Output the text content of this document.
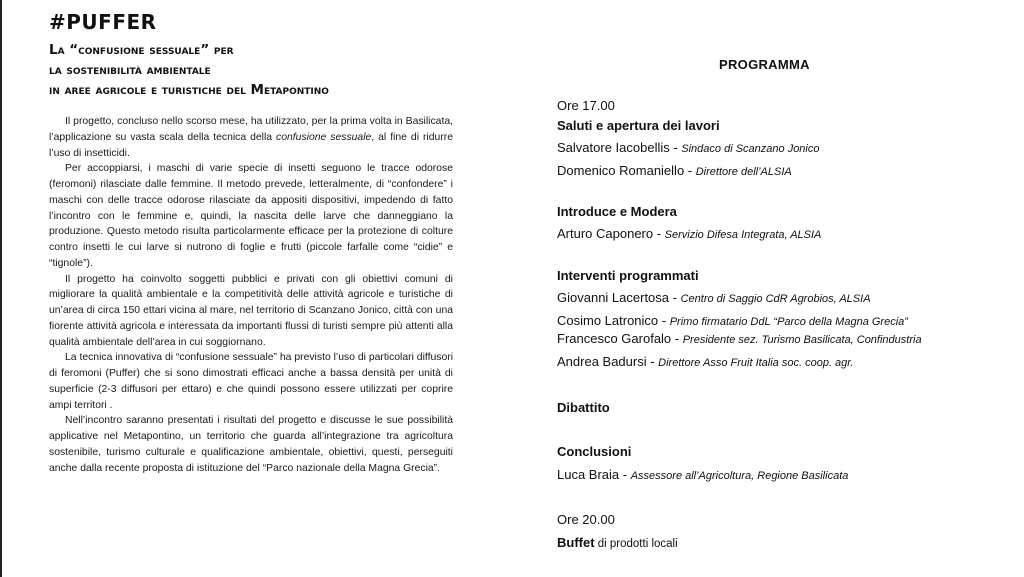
#PUFFER
La “confusione sessuale” per
la sostenibilità ambientale
in aree agricole e turistiche del Metapontino

Il progetto, concluso nello scorso mese, ha utilizzato, per la prima volta in Basilicata, l’applicazione su vasta scala della tecnica della confusione sessuale, al fine di ridurre l’uso di insetticidi.

Per accoppiarsi, i maschi di varie specie di insetti seguono le tracce odorose (feromoni) rilasciate dalle femmine. Il metodo prevede, letteralmente, di “confondere” i maschi con delle tracce odorose rilasciate da appositi dispositivi, impedendo di fatto l’incontro con le femmine e, quindi, la nascita delle larve che danneggiano la produzione. Questo metodo risulta particolarmente efficace per la protezione di colture contro insetti le cui larve si nutrono di foglie e frutti (piccole farfalle come “cidie” e “tignole”).

Il progetto ha coinvolto soggetti pubblici e privati con gli obiettivi comuni di migliorare la qualità ambientale e la competitività delle attività agricole e turistiche di un’area di circa 150 ettari vicina al mare, nel territorio di Scanzano Jonico, città con una fiorente attività agricola e interessata da importanti flussi di turisti sempre più attenti alla qualità ambientale dell’area in cui soggiornano.

La tecnica innovativa di “confusione sessuale” ha previsto l’uso di particolari diffusori di feromoni (Puffer) che si sono dimostrati efficaci anche a bassa densità per unità di superficie (2-3 diffusori per ettaro) e che quindi possono essere utilizzati per coprire ampi territori .

Nell’incontro saranno presentati i risultati del progetto e discusse le sue possibilità applicative nel Metapontino, un territorio che guarda all’integrazione tra agricoltura sostenibile, turismo culturale e qualificazione ambientale, obiettivi, questi, perseguiti anche dalla recente proposta di istituzione del “Parco nazionale della Magna Grecia”.

PROGRAMMA
Ore 17.00
Saluti e apertura dei lavori
Salvatore Iacobellis - Sindaco di Scanzano Jonico
Domenico Romaniello - Direttore dell’ALSIA
Introduce e Modera
Arturo Caponero - Servizio Difesa Integrata, ALSIA
Interventi programmati
Giovanni Lacertosa - Centro di Saggio CdR Agrobios, ALSIA
Cosimo Latronico - Primo firmatario DdL “Parco della Magna Grecia”
Francesco Garofalo - Presidente sez. Turismo Basilicata, Confindustria
Andrea Badursi - Direttore Asso Fruit Italia soc. coop. agr.
Dibattito
Conclusioni
Luca Braia - Assessore all’Agricoltura, Regione Basilicata
Ore 20.00
Buffet di prodotti locali
